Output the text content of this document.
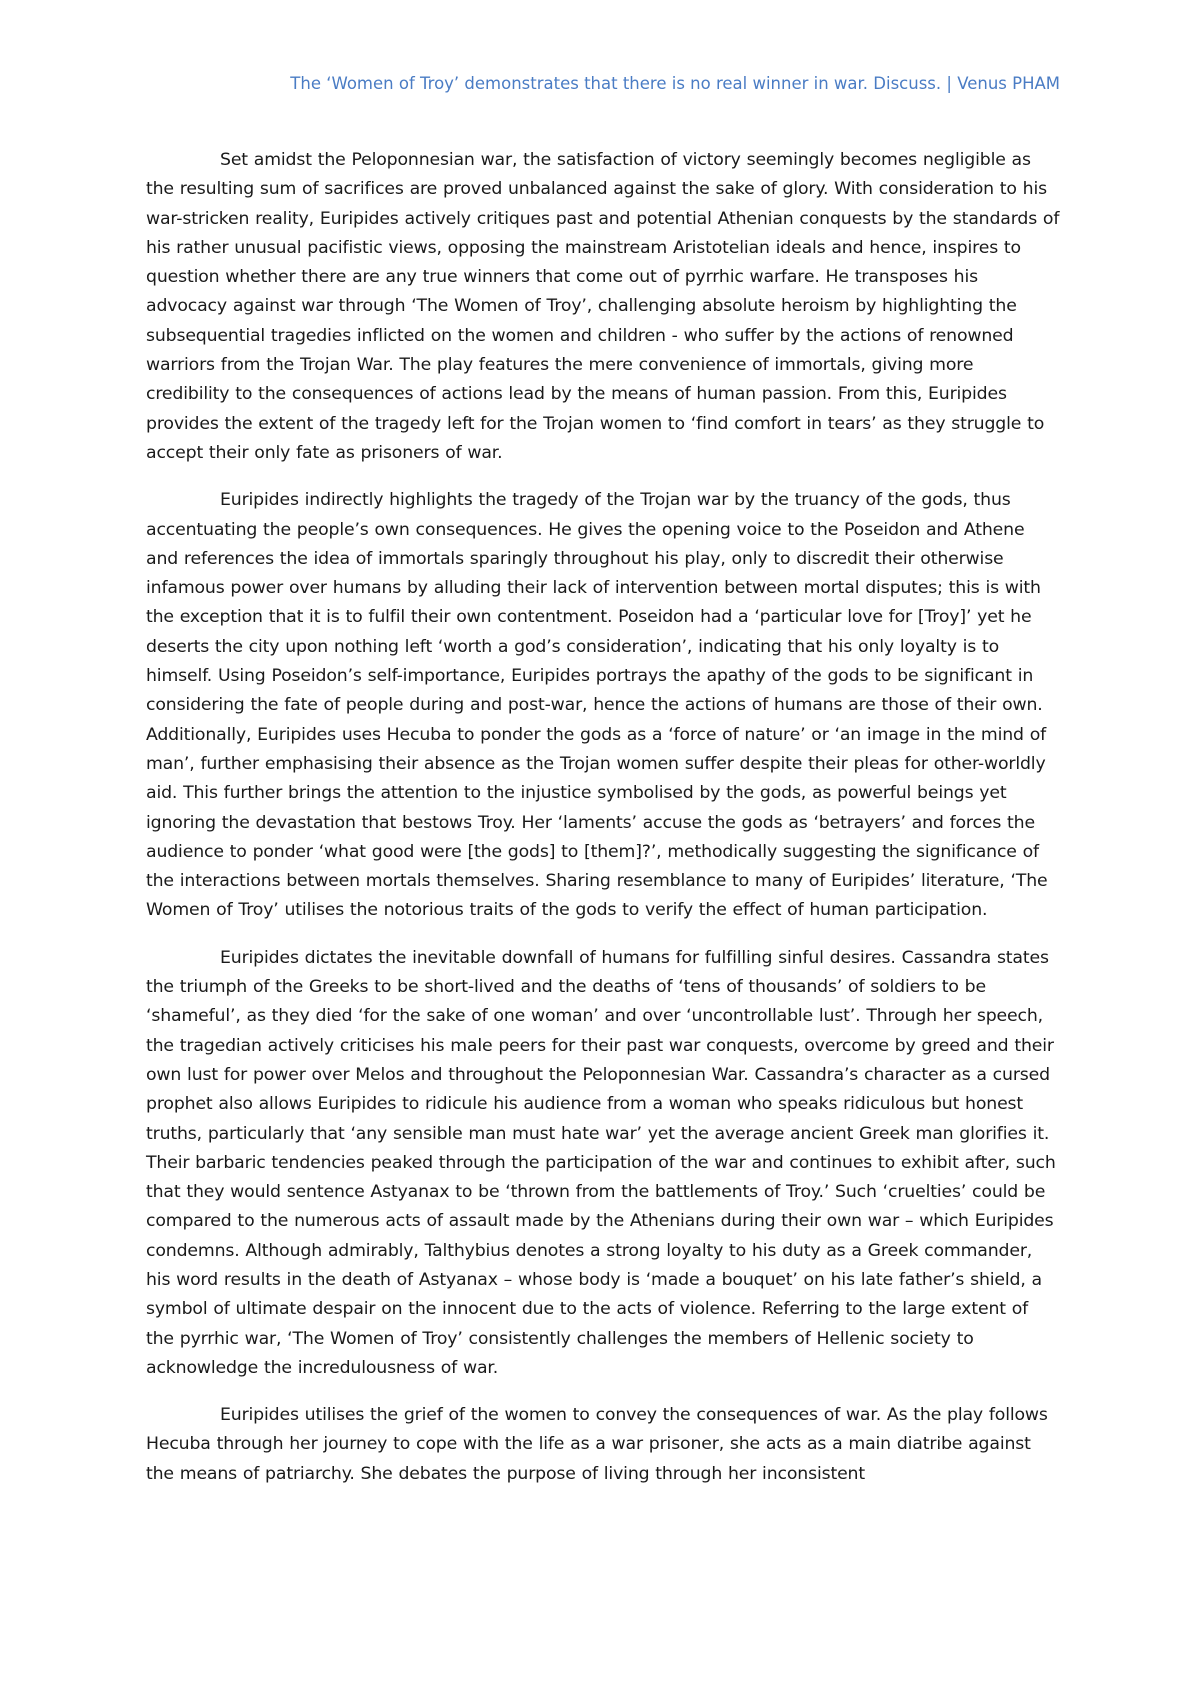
The ‘Women of Troy’ demonstrates that there is no real winner in war. Discuss. | Venus PHAM

Set amidst the Peloponnesian war, the satisfaction of victory seemingly becomes negligible as the resulting sum of sacrifices are proved unbalanced against the sake of glory. With consideration to his war-stricken reality, Euripides actively critiques past and potential Athenian conquests by the standards of his rather unusual pacifistic views, opposing the mainstream Aristotelian ideals and hence, inspires to question whether there are any true winners that come out of pyrrhic warfare. He transposes his advocacy against war through ‘The Women of Troy’, challenging absolute heroism by highlighting the subsequential tragedies inflicted on the women and children - who suffer by the actions of renowned warriors from the Trojan War. The play features the mere convenience of immortals, giving more credibility to the consequences of actions lead by the means of human passion. From this, Euripides provides the extent of the tragedy left for the Trojan women to ‘find comfort in tears’ as they struggle to accept their only fate as prisoners of war.

Euripides indirectly highlights the tragedy of the Trojan war by the truancy of the gods, thus accentuating the people’s own consequences. He gives the opening voice to the Poseidon and Athene and references the idea of immortals sparingly throughout his play, only to discredit their otherwise infamous power over humans by alluding their lack of intervention between mortal disputes; this is with the exception that it is to fulfil their own contentment. Poseidon had a ‘particular love for [Troy]’ yet he deserts the city upon nothing left ‘worth a god’s consideration’, indicating that his only loyalty is to himself. Using Poseidon’s self-importance, Euripides portrays the apathy of the gods to be significant in considering the fate of people during and post-war, hence the actions of humans are those of their own. Additionally, Euripides uses Hecuba to ponder the gods as a ‘force of nature’ or ‘an image in the mind of man’, further emphasising their absence as the Trojan women suffer despite their pleas for other-worldly aid. This further brings the attention to the injustice symbolised by the gods, as powerful beings yet ignoring the devastation that bestows Troy. Her ‘laments’ accuse the gods as ‘betrayers’ and forces the audience to ponder ‘what good were [the gods] to [them]?’, methodically suggesting the significance of the interactions between mortals themselves. Sharing resemblance to many of Euripides’ literature, ‘The Women of Troy’ utilises the notorious traits of the gods to verify the effect of human participation.

Euripides dictates the inevitable downfall of humans for fulfilling sinful desires. Cassandra states the triumph of the Greeks to be short-lived and the deaths of ‘tens of thousands’ of soldiers to be ‘shameful’, as they died ‘for the sake of one woman’ and over ‘uncontrollable lust’. Through her speech, the tragedian actively criticises his male peers for their past war conquests, overcome by greed and their own lust for power over Melos and throughout the Peloponnesian War. Cassandra’s character as a cursed prophet also allows Euripides to ridicule his audience from a woman who speaks ridiculous but honest truths, particularly that ‘any sensible man must hate war’ yet the average ancient Greek man glorifies it. Their barbaric tendencies peaked through the participation of the war and continues to exhibit after, such that they would sentence Astyanax to be ‘thrown from the battlements of Troy.’ Such ‘cruelties’ could be compared to the numerous acts of assault made by the Athenians during their own war – which Euripides condemns. Although admirably, Talthybius denotes a strong loyalty to his duty as a Greek commander, his word results in the death of Astyanax – whose body is ‘made a bouquet’ on his late father’s shield, a symbol of ultimate despair on the innocent due to the acts of violence. Referring to the large extent of the pyrrhic war, ‘The Women of Troy’ consistently challenges the members of Hellenic society to acknowledge the incredulousness of war.

Euripides utilises the grief of the women to convey the consequences of war. As the play follows Hecuba through her journey to cope with the life as a war prisoner, she acts as a main diatribe against the means of patriarchy. She debates the purpose of living through her inconsistent
